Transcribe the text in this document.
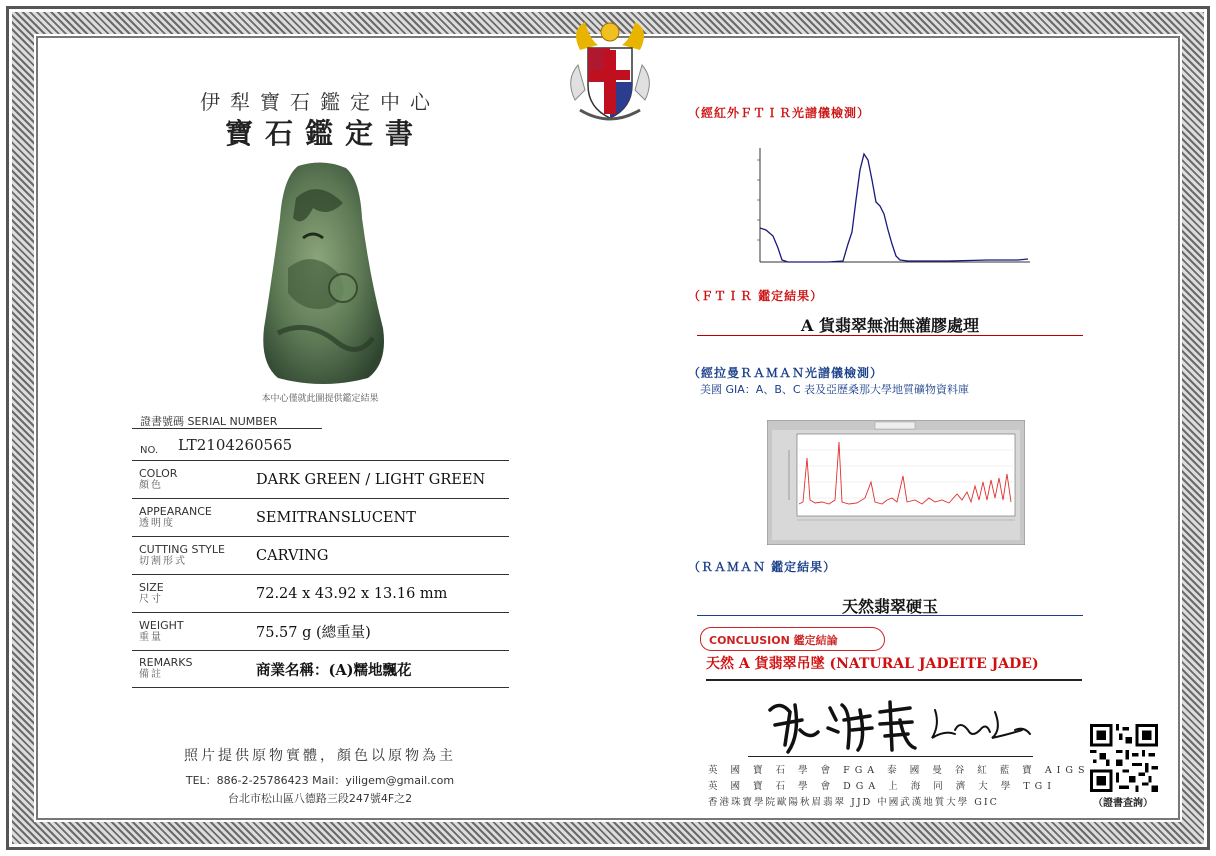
伊犁寶石鑑定中心
寶石鑑定書
本中心僅就此圖提供鑑定結果
證書號碼 SERIAL NUMBER
NO. LT2104260565
COLOR
顏色	DARK GREEN / LIGHT GREEN
APPEARANCE
透明度	SEMITRANSLUCENT
CUTTING STYLE
切割形式	CARVING
SIZE
尺寸	72.24 x 43.92 x 13.16 mm
WEIGHT
重量	75.57 g (總重量)
REMARKS
備註	商業名稱：(A)糯地飄花
照片提供原物實體，顏色以原物為主
TEL：886-2-25786423 Mail：yiligem@gmail.com
台北市松山區八德路三段247號4F之2
（經紅外ＦＴＩＲ光譜儀檢測）
（ＦＴＩＲ 鑑定結果）
A 貨翡翠無油無灌膠處理
（經拉曼ＲＡＭＡＮ光譜儀檢測）
美國 GIA：A、B、C 表及亞歷桑那大學地質礦物資料庫
（ＲＡＭＡＮ 鑑定結果）
天然翡翠硬玉
CONCLUSION 鑑定結論
天然 A 貨翡翠吊墜 (NATURAL JADEITE JADE)
英 國 寶 石 學 會 FGA 泰 國 曼 谷 紅 藍 寶 AIGS
英 國 寶 石 學 會 DGA 上 海 同 濟 大 學 TGI
香港珠寶學院歐陽秋眉翡翠 JJD 中國武漢地質大學 GIC	（證書查詢）
